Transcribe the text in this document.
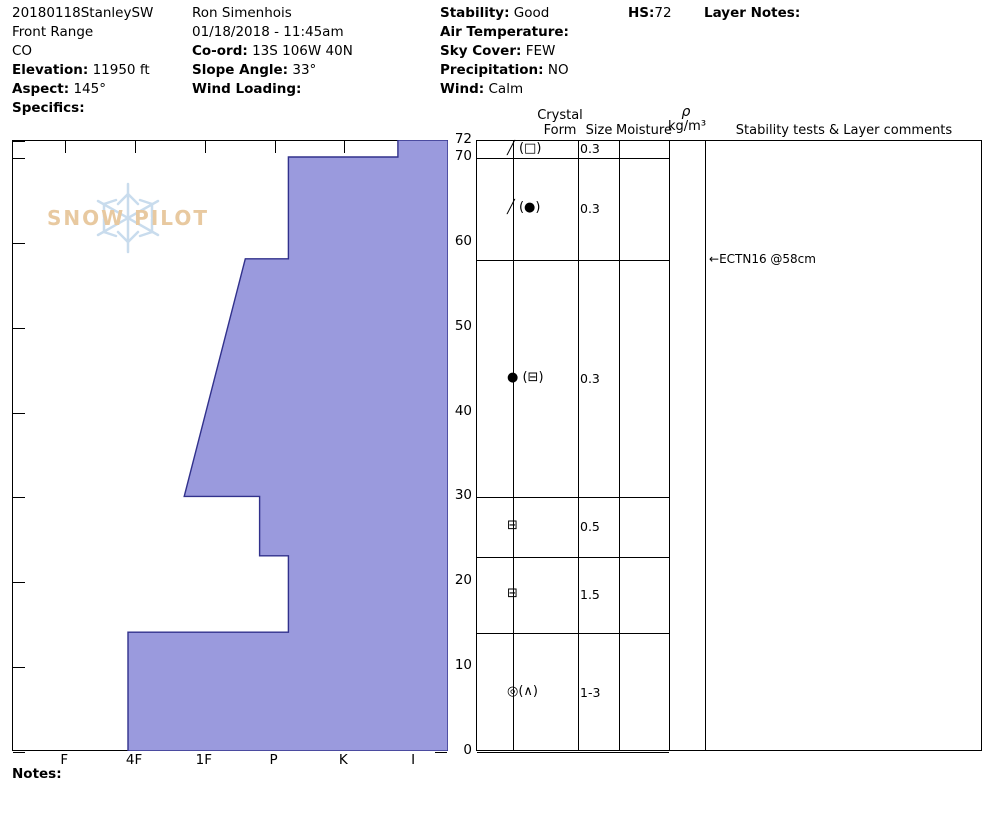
20180118StanleySW
Front Range
CO
Elevation: 11950 ft
Aspect: 145°
Specifics:
Ron Simenhois
01/18/2018 - 11:45am
Co-ord: 13S 106W 40N
Slope Angle: 33°
Wind Loading:
Stability: Good
Air Temperature:
Sky Cover: FEW
Precipitation: NO
Wind: Calm
HS:72 Layer Notes:
0
10
20
30
40
50
60
70
72
I
K
P
1F
4F
F
SNOW PILOT
Crystal
Form Size Moisture
ρ
kg/m³	Stability tests & Layer comments
╱ (□)	0.3
╱ (●)	0.3
● (⊟)	0.3
⊟	0.5
⊟	1.5
◎(∧)	1-3
←ECTN16 @58cm
Notes:
